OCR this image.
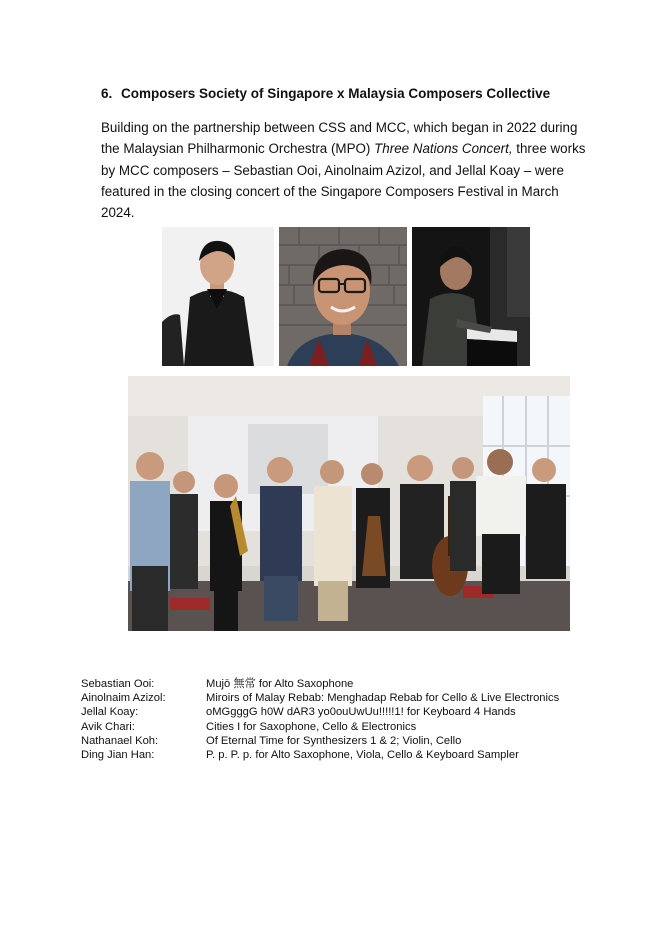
6. Composers Society of Singapore x Malaysia Composers Collective
Building on the partnership between CSS and MCC, which began in 2022 during the Malaysian Philharmonic Orchestra (MPO) Three Nations Concert, three works by MCC composers – Sebastian Ooi, Ainolnaim Azizol, and Jellal Koay – were featured in the closing concert of the Singapore Composers Festival in March 2024.
Sebastian Ooi:	Mujō 無常 for Alto Saxophone
Ainolnaim Azizol:	Miroirs of Malay Rebab: Menghadap Rebab for Cello & Live Electronics
Jellal Koay:	oMGgggG h0W dAR3 yo0ouUwUu!!!!!1! for Keyboard 4 Hands
Avik Chari:	Cities I for Saxophone, Cello & Electronics
Nathanael Koh:	Of Eternal Time for Synthesizers 1 & 2; Violin, Cello
Ding Jian Han:	P. p. P. p. for Alto Saxophone, Viola, Cello & Keyboard Sampler
